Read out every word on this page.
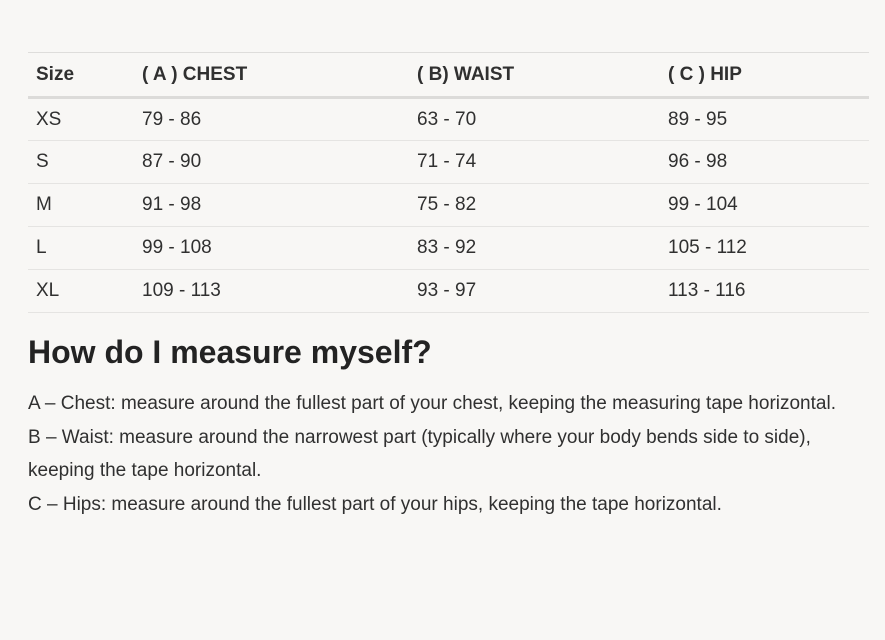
Size	( A ) CHEST	( B) WAIST	( C ) HIP
XS	79 - 86	63 - 70	89 - 95
S	87 - 90	71 - 74	96 - 98
M	91 - 98	75 - 82	99 - 104
L	99 - 108	83 - 92	105 - 112
XL	109 - 113	93 - 97	113 - 116
How do I measure myself?

A – Chest: measure around the fullest part of your chest, keeping the measuring tape horizontal.

B – Waist: measure around the narrowest part (typically where your body bends side to side), keeping the tape horizontal.

C – Hips: measure around the fullest part of your hips, keeping the tape horizontal.
